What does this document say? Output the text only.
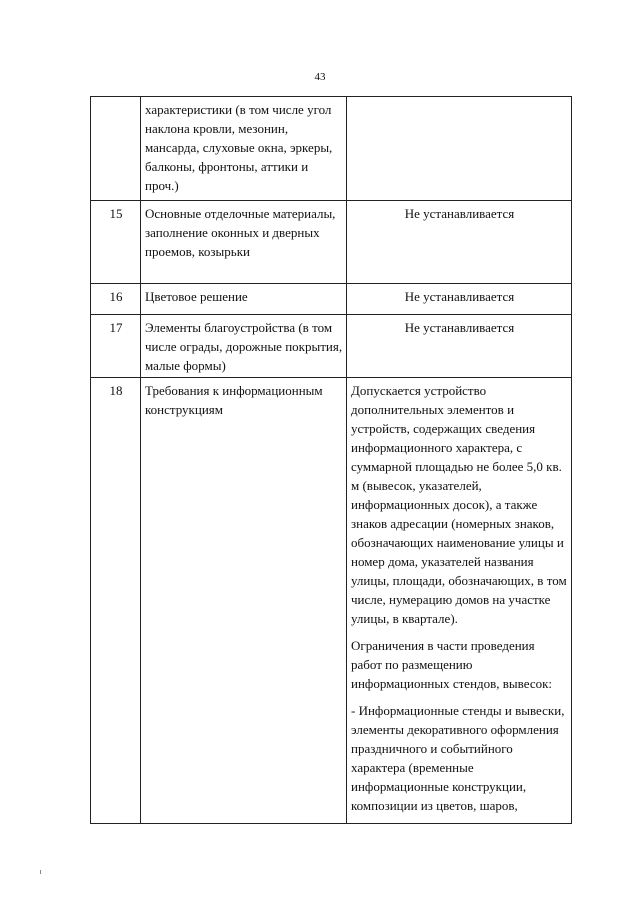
43
	характеристики (в том числе угол наклона кровли, мезонин, мансарда, слуховые окна, эркеры, балконы, фронтоны, аттики и проч.)	
15	Основные отделочные материалы, заполнение оконных и дверных проемов, козырьки	Не устанавливается
16	Цветовое решение	Не устанавливается
17	Элементы благоустройства (в том числе ограды, дорожные покрытия, малые формы)	Не устанавливается
18	Требования к информационным конструкциям	Допускается устройство дополнительных элементов и устройств, содержащих сведения информационного характера, с суммарной площадью не более 5,0 кв. м (вывесок, указателей, информационных досок), а также знаков адресации (номерных знаков, обозначающих наименование улицы и номер дома, указателей названия улицы, площади, обозначающих, в том числе, нумерацию домов на участке улицы, в квартале).

Ограничения в части проведения работ по размещению информационных стендов, вывесок:

- Информационные стенды и вывески, элементы декоративного оформления праздничного и событийного характера (временные информационные конструкции, композиции из цветов, шаров,
